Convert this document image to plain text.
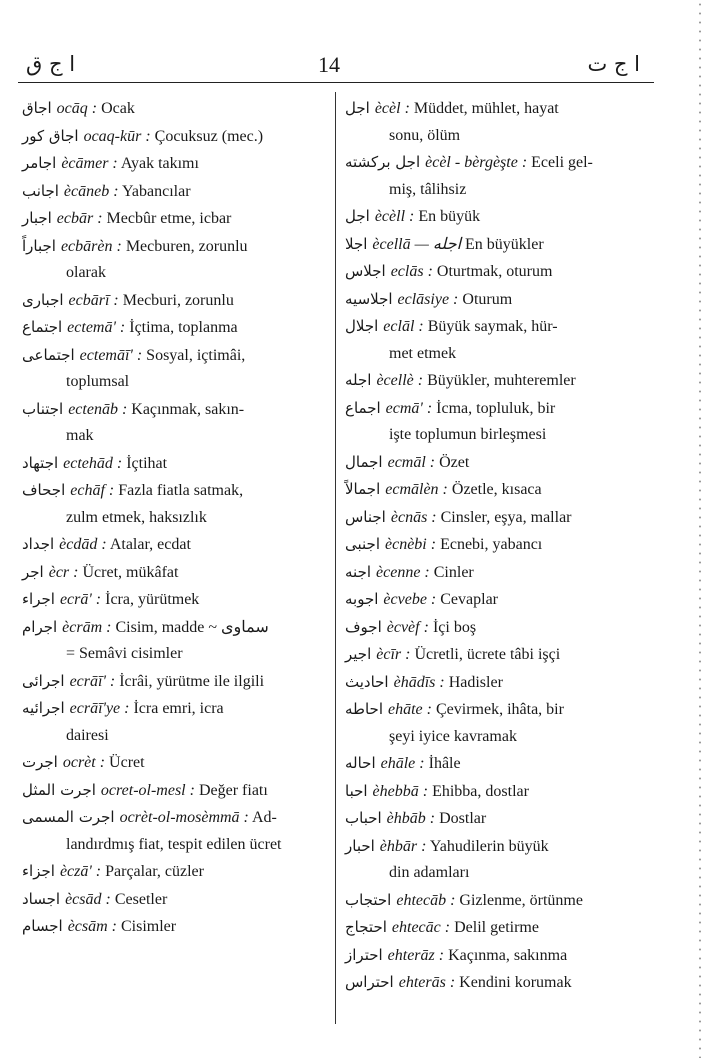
ا ج ق	14	ا ج ت
اجاق ocāq : Ocak
اجاق كور ocaq-kūr : Çocuksuz (mec.)
اجامر ècāmer : Ayak takımı
اجانب ècāneb : Yabancılar
اجبار ecbār : Mecbûr etme, icbar
اجباراً ecbārèn : Mecburen, zorunlu
olarak
اجبارى ecbārī : Mecburi, zorunlu
اجتماع ectemā' : İçtima, toplanma
اجتماعى ectemāī' : Sosyal, içtimâi,
toplumsal
اجتناب ectenāb : Kaçınmak, sakın-
mak
اجتهاد ectehād : İçtihat
اجحاف echāf : Fazla fiatla satmak,
zulm etmek, haksızlık
اجداد ècdād : Atalar, ecdat
اجر ècr : Ücret, mükâfat
اجراء ecrā' : İcra, yürütmek
اجرام ècrām : Cisim, madde ~ سماوى
= Semâvi cisimler
اجرائى ecrāī' : İcrâi, yürütme ile ilgili
اجرائيه ecrāī'ye : İcra emri, icra
dairesi
اجرت ocrèt : Ücret
اجرت المثل ocret-ol-mesl : Değer fiatı
اجرت المسمى ocrèt-ol-mosèmmā : Ad-
landırdmış fiat, tespit edilen ücret
اجزاء èczā' : Parçalar, cüzler
اجساد ècsād : Cesetler
اجسام ècsām : Cisimler
اجل ècèl : Müddet, mühlet, hayat
sonu, ölüm
اجل بركشته ècèl - bèrgèşte : Eceli gel-
miş, tâlihsiz
اجل ècèll : En büyük
اجلا ècellā — اجله En büyükler
اجلاس eclās : Oturtmak, oturum
اجلاسيه eclāsiye : Oturum
اجلال eclāl : Büyük saymak, hür-
met etmek
اجله ècellè : Büyükler, muhteremler
اجماع ecmā' : İcma, topluluk, bir
işte toplumun birleşmesi
اجمال ecmāl : Özet
اجمالاً ecmālèn : Özetle, kısaca
اجناس ècnās : Cinsler, eşya, mallar
اجنبى ècnèbi : Ecnebi, yabancı
اجنه ècenne : Cinler
اجوبه ècvebe : Cevaplar
اجوف ècvèf : İçi boş
اجير ècīr : Ücretli, ücrete tâbi işçi
احاديث èhādīs : Hadisler
احاطه ehāte : Çevirmek, ihâta, bir
şeyi iyice kavramak
احاله ehāle : İhâle
احبا èhebbā : Ehibba, dostlar
احباب èhbāb : Dostlar
احبار èhbār : Yahudilerin büyük
din adamları
احتجاب ehtecāb : Gizlenme, örtünme
احتجاج ehtecāc : Delil getirme
احتراز ehterāz : Kaçınma, sakınma
احتراس ehterās : Kendini korumak
